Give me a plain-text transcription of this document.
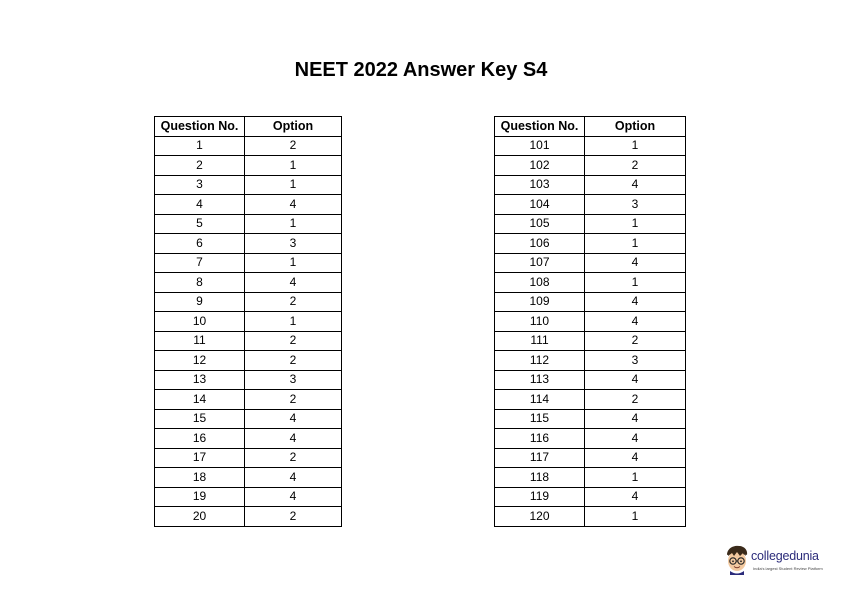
NEET 2022 Answer Key S4
Question No.	Option
1	2
2	1
3	1
4	4
5	1
6	3
7	1
8	4
9	2
10	1
11	2
12	2
13	3
14	2
15	4
16	4
17	2
18	4
19	4
20	2
Question No.	Option
101	1
102	2
103	4
104	3
105	1
106	1
107	4
108	1
109	4
110	4
111	2
112	3
113	4
114	2
115	4
116	4
117	4
118	1
119	4
120	1
collegedunia
India's largest Student Review Platform
